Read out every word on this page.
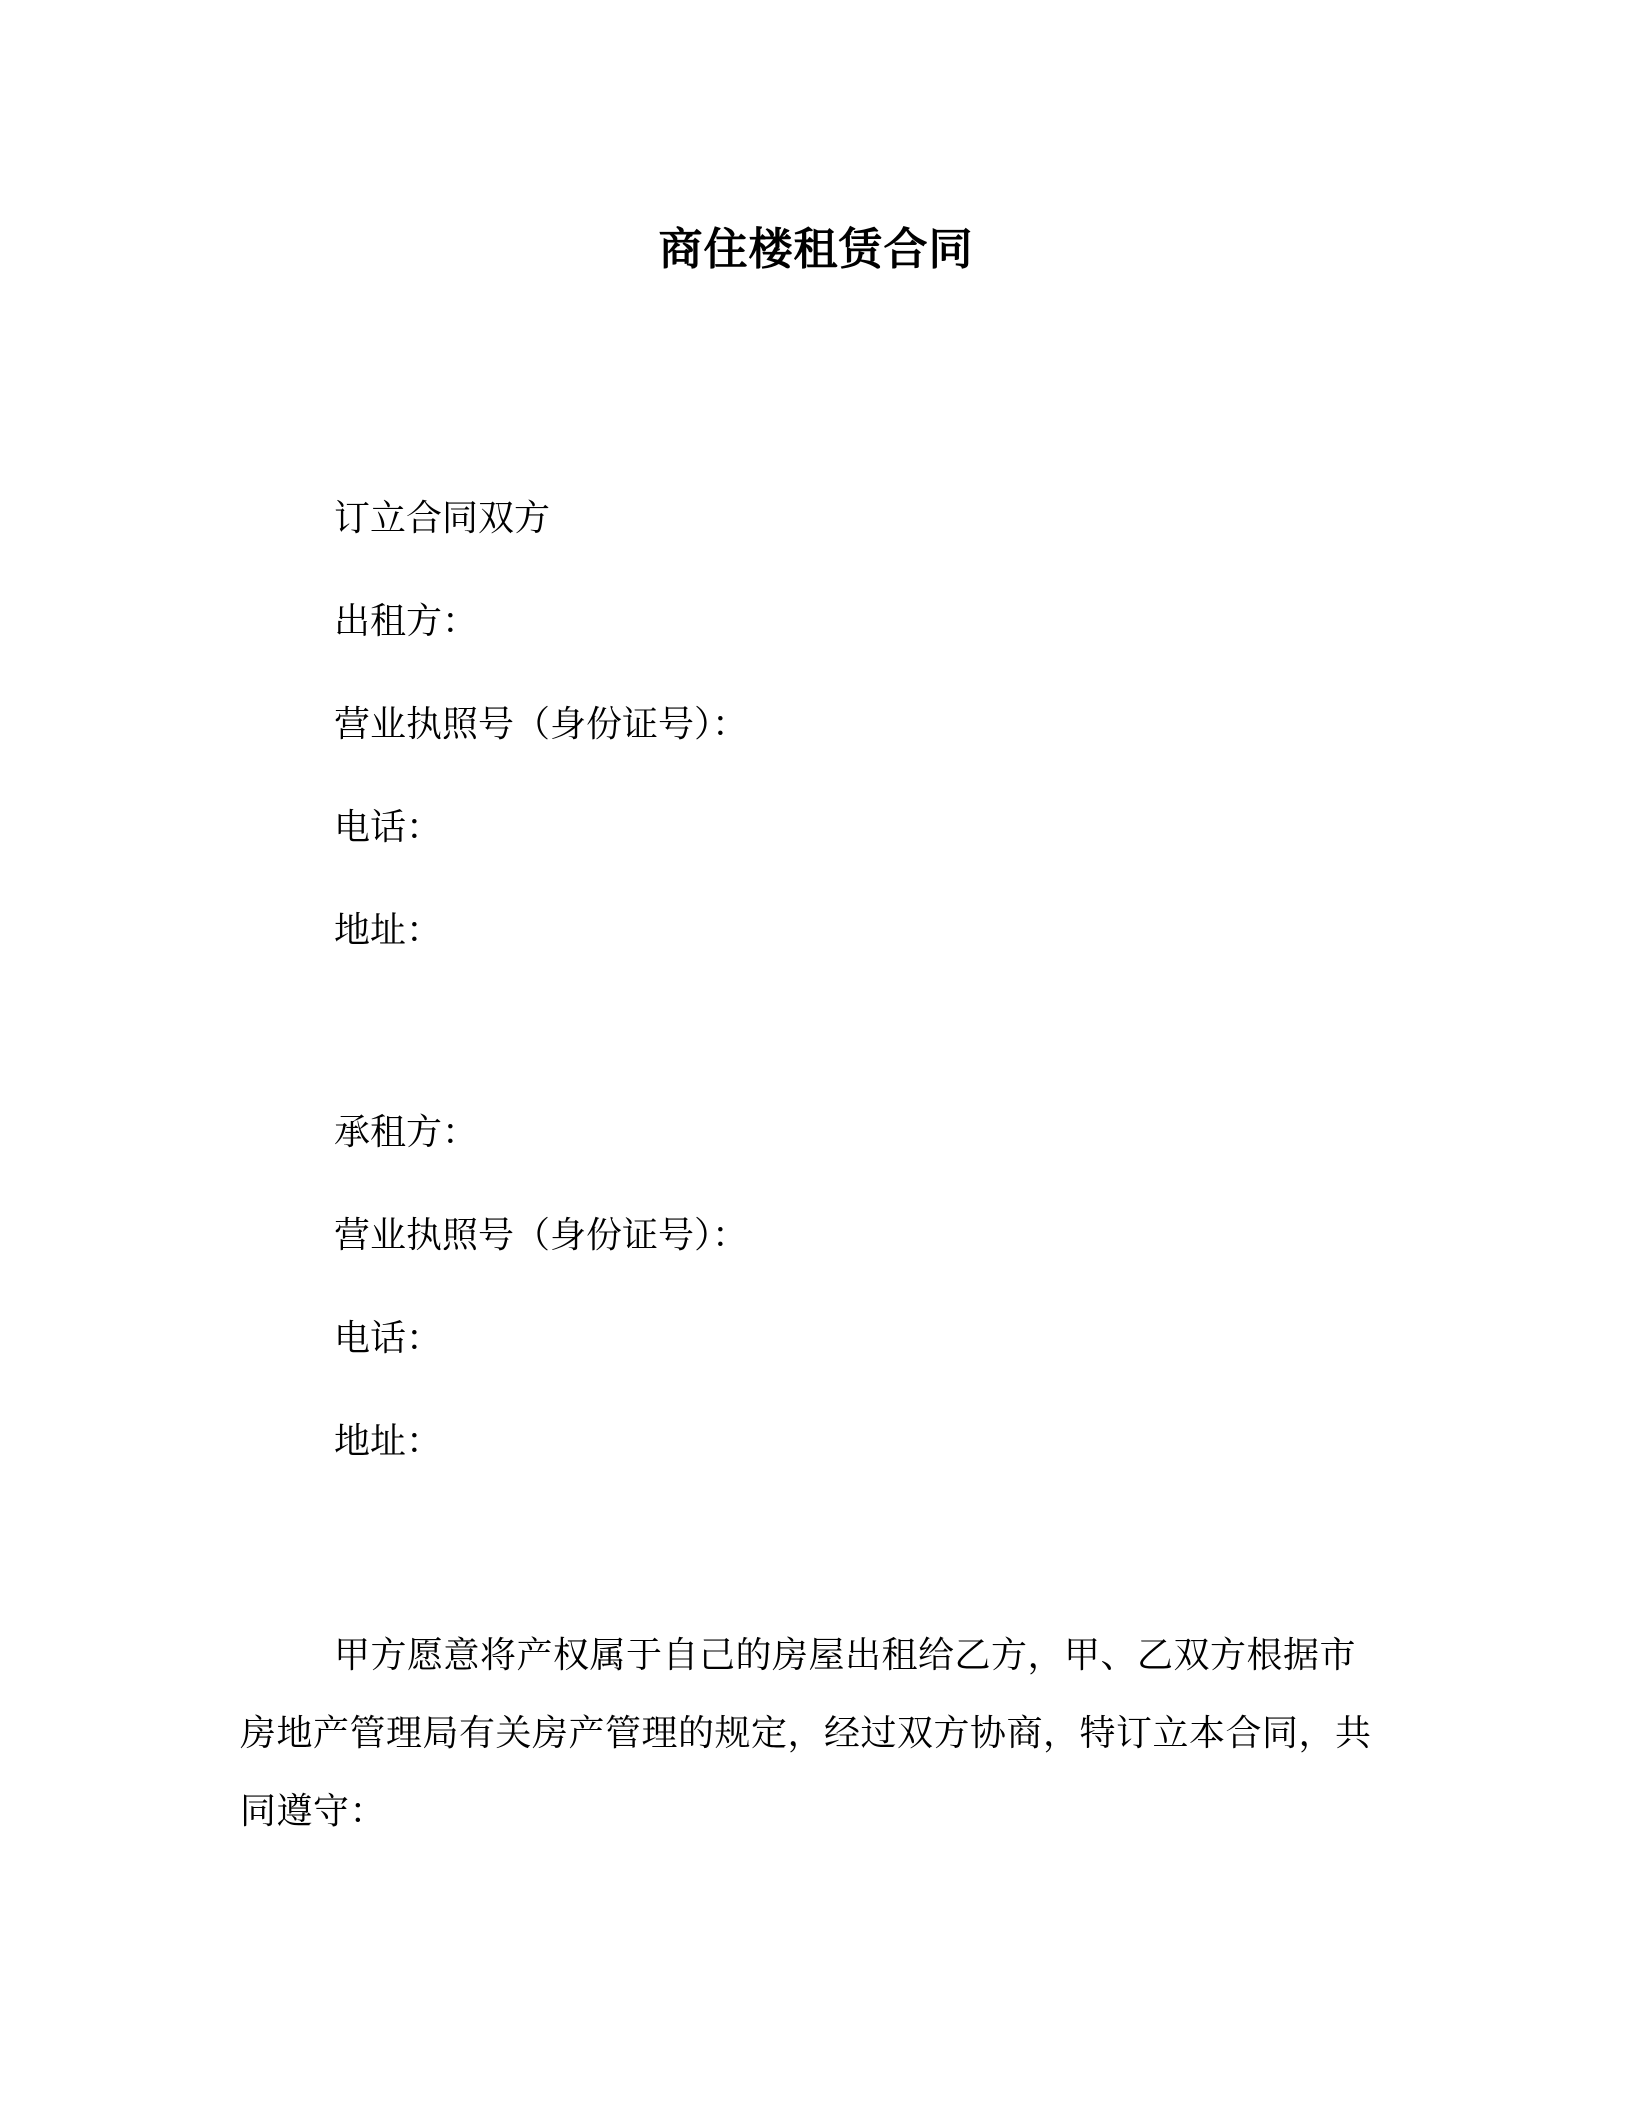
商住楼租赁合同
订立合同双方
出租方：
营业执照号（身份证号）：
电话：
地址：
承租方：
营业执照号（身份证号）：
电话：
地址：
甲方愿意将产权属于自己的房屋出租给乙方，甲、乙双方根据市房地产管理局有关房产管理的规定，经过双方协商，特订立本合同，共同遵守：
